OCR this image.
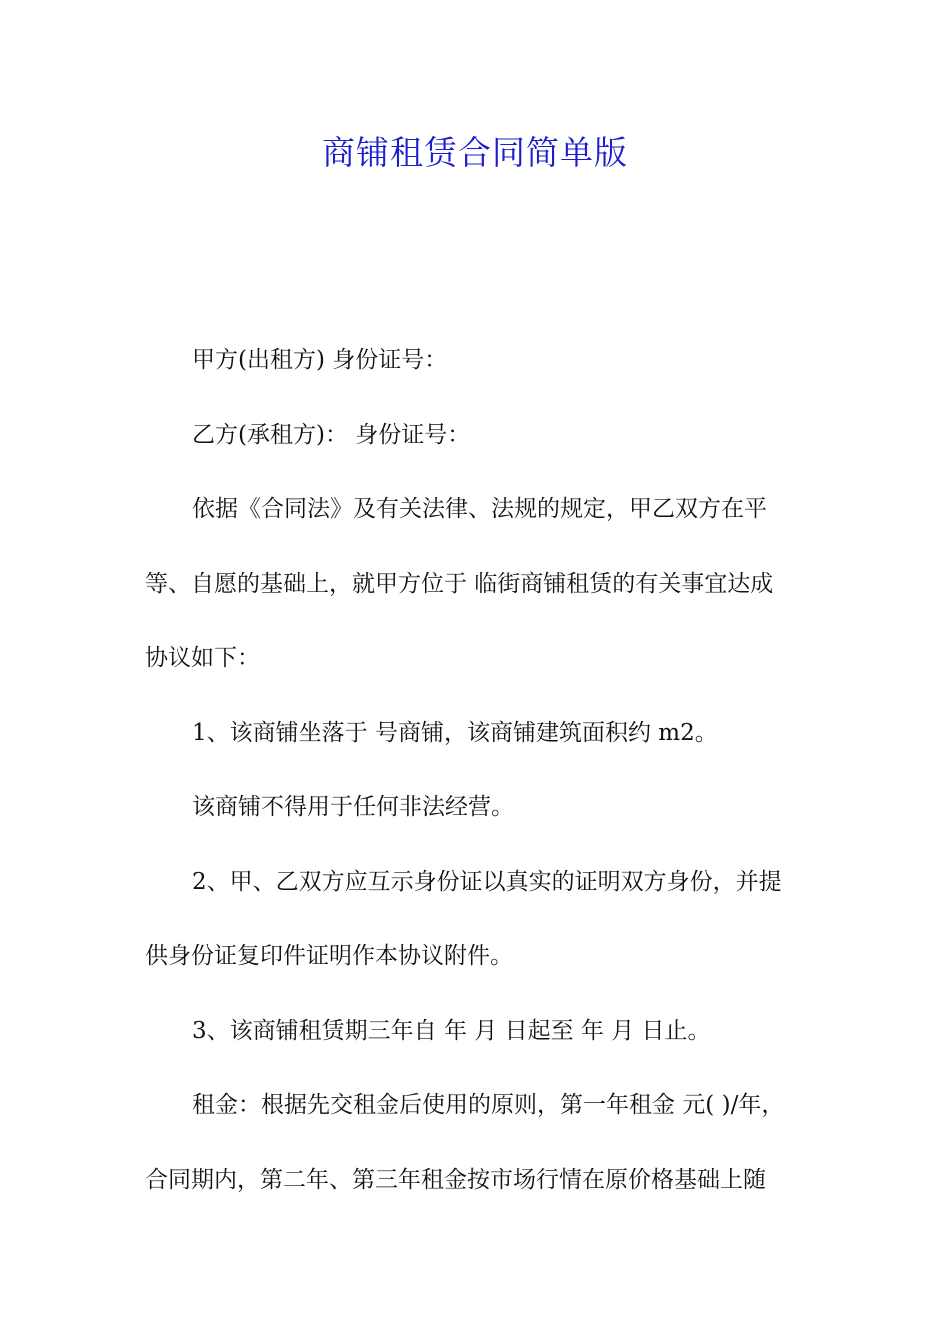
商铺租赁合同简单版
甲方(出租方) 身份证号：
乙方(承租方)： 身份证号：
依据《合同法》及有关法律、法规的规定，甲乙双方在平
等、自愿的基础上，就甲方位于 临街商铺租赁的有关事宜达成
协议如下：
1、该商铺坐落于 号商铺，该商铺建筑面积约 m2。
该商铺不得用于任何非法经营。
2、甲、乙双方应互示身份证以真实的证明双方身份，并提
供身份证复印件证明作本协议附件。
3、该商铺租赁期三年自 年 月 日起至 年 月 日止。
租金：根据先交租金后使用的原则，第一年租金 元( )/年，
合同期内，第二年、第三年租金按市场行情在原价格基础上随
